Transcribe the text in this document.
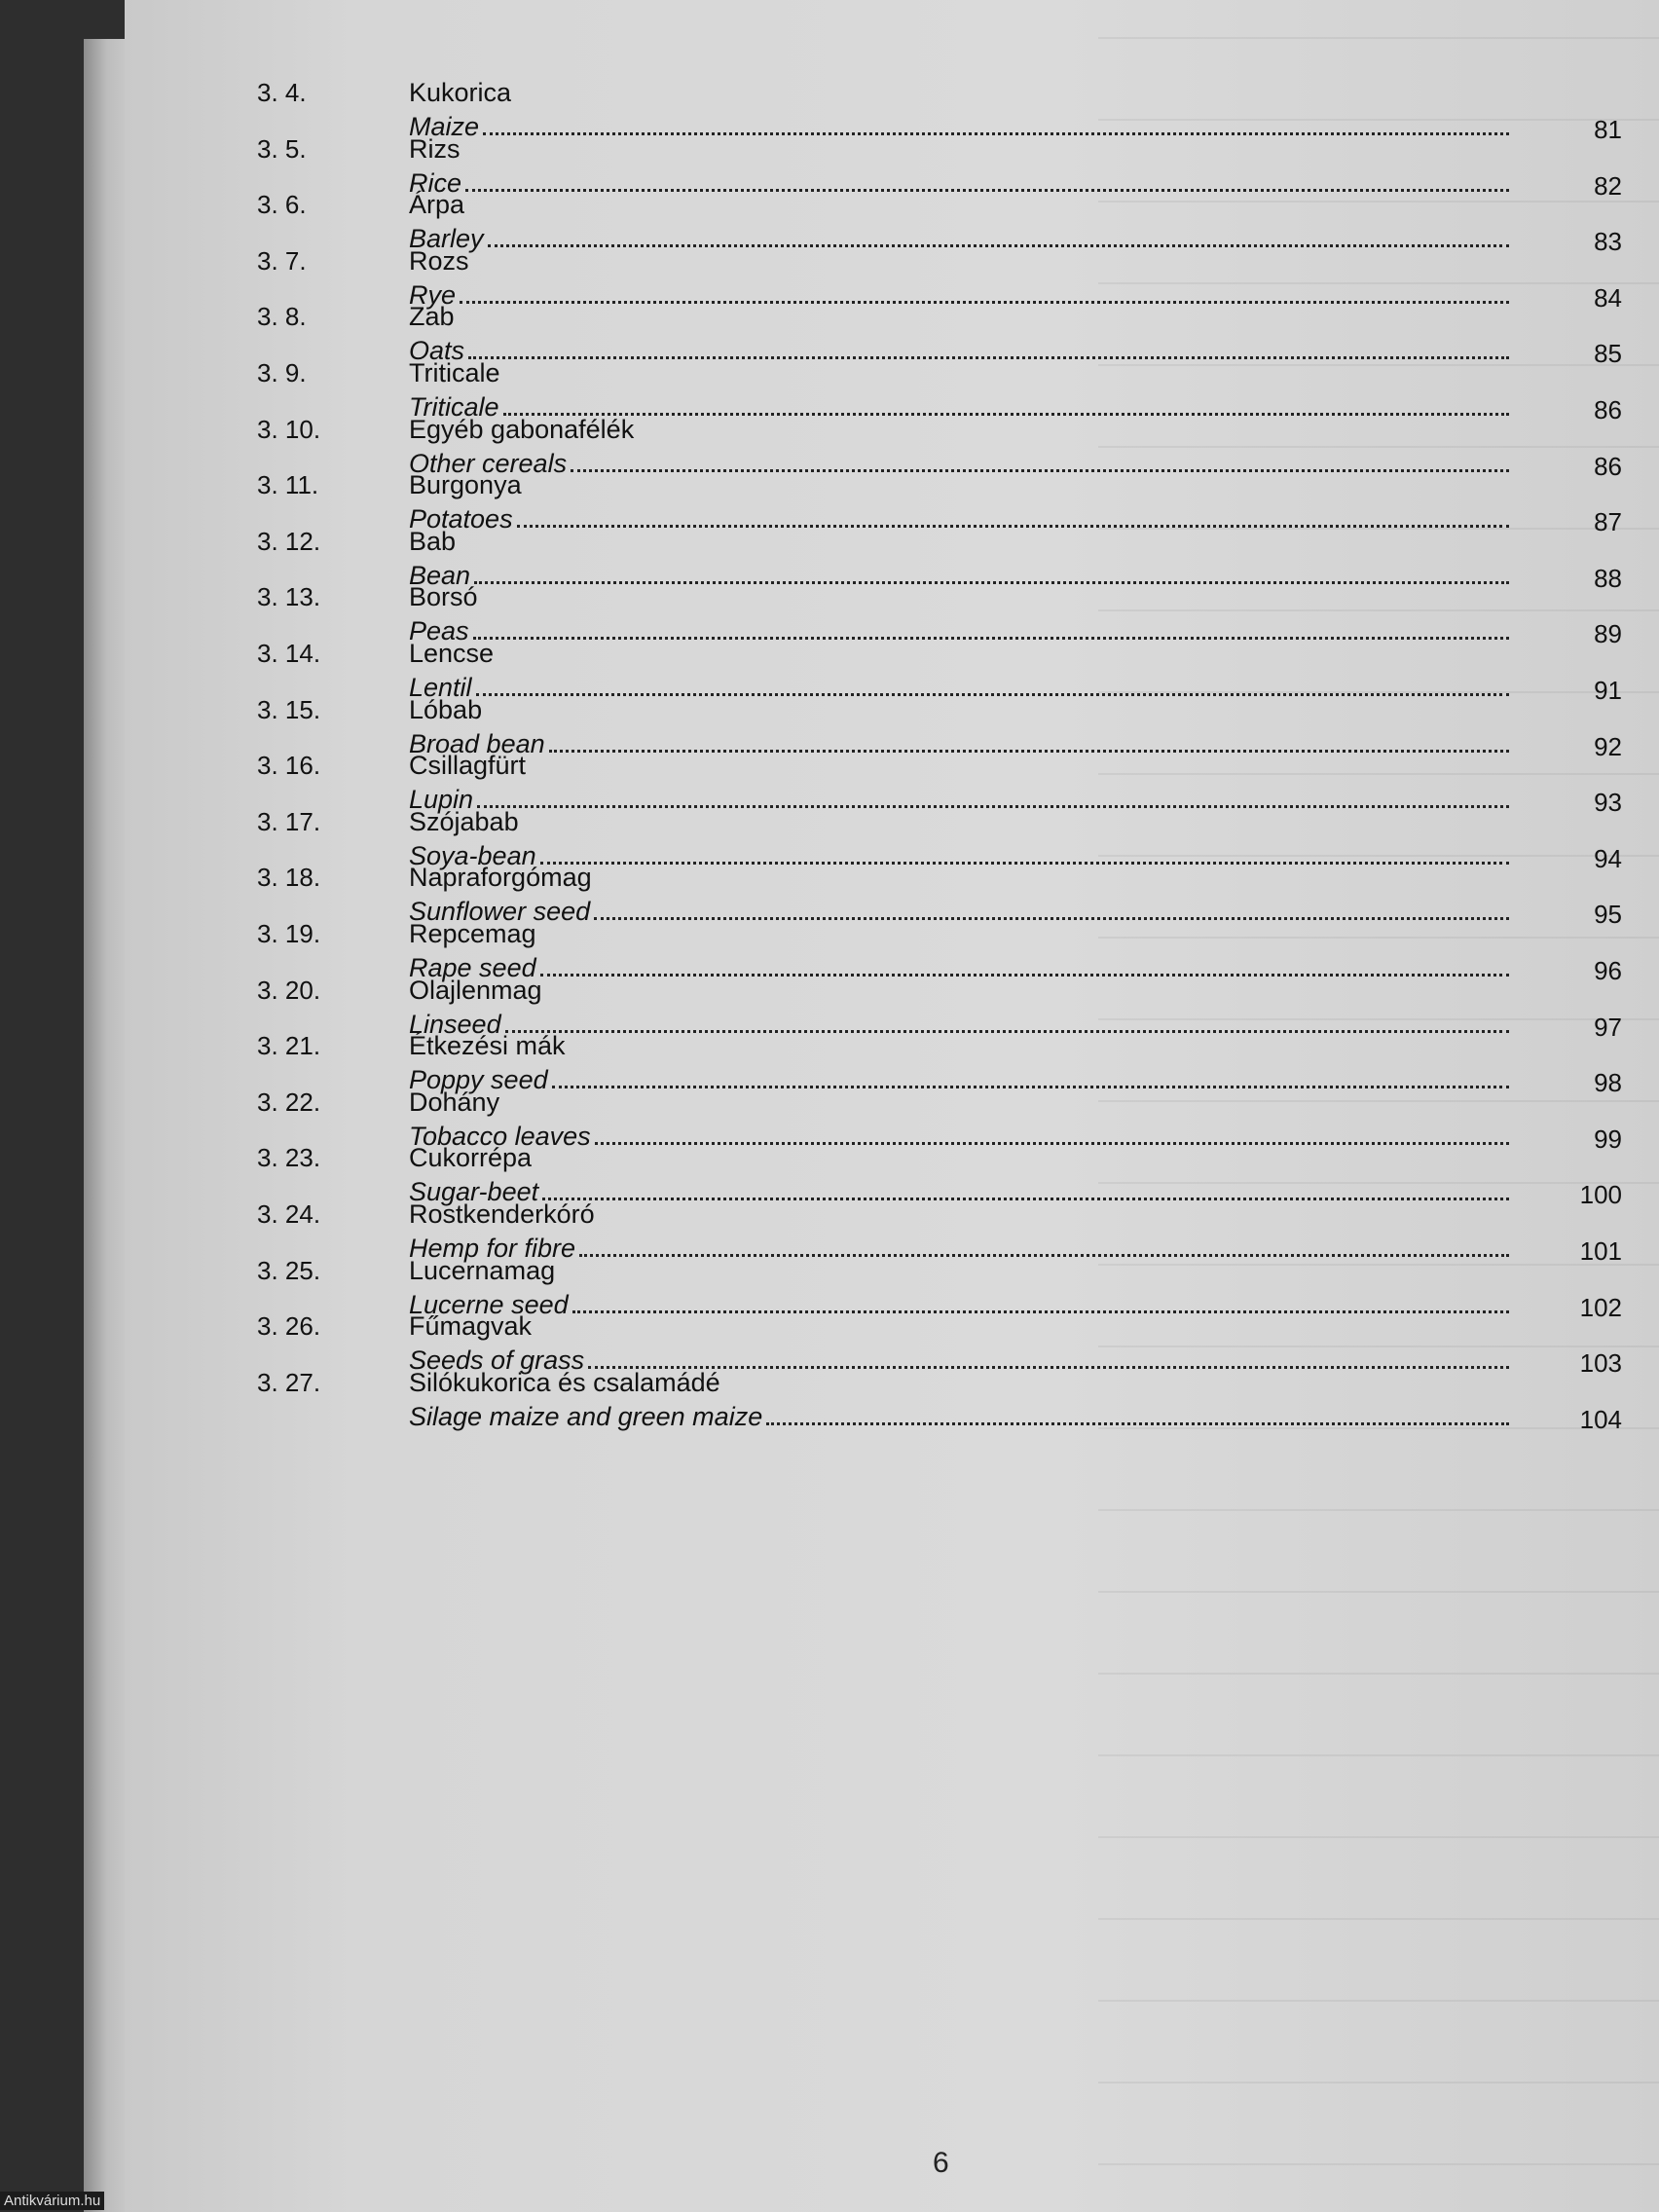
3. 4.	Kukorica
Maize	81
3. 5.	Rizs
Rice	82
3. 6.	Árpa
Barley	83
3. 7.	Rozs
Rye	84
3. 8.	Zab
Oats	85
3. 9.	Triticale
Triticale	86
3. 10.	Egyéb gabonafélék
Other cereals	86
3. 11.	Burgonya
Potatoes	87
3. 12.	Bab
Bean	88
3. 13.	Borsó
Peas	89
3. 14.	Lencse
Lentil	91
3. 15.	Lóbab
Broad bean	92
3. 16.	Csillagfürt
Lupin	93
3. 17.	Szójabab
Soya-bean	94
3. 18.	Napraforgómag
Sunflower seed	95
3. 19.	Repcemag
Rape seed	96
3. 20.	Olajlenmag
Linseed	97
3. 21.	Étkezési mák
Poppy seed	98
3. 22.	Dohány
Tobacco leaves	99
3. 23.	Cukorrépa
Sugar-beet	100
3. 24.	Rostkenderkóró
Hemp for fibre	101
3. 25.	Lucernamag
Lucerne seed	102
3. 26.	Fűmagvak
Seeds of grass	103
3. 27.	Silókukorica és csalamádé
Silage maize and green maize	104
6
Antikvárium.hu
